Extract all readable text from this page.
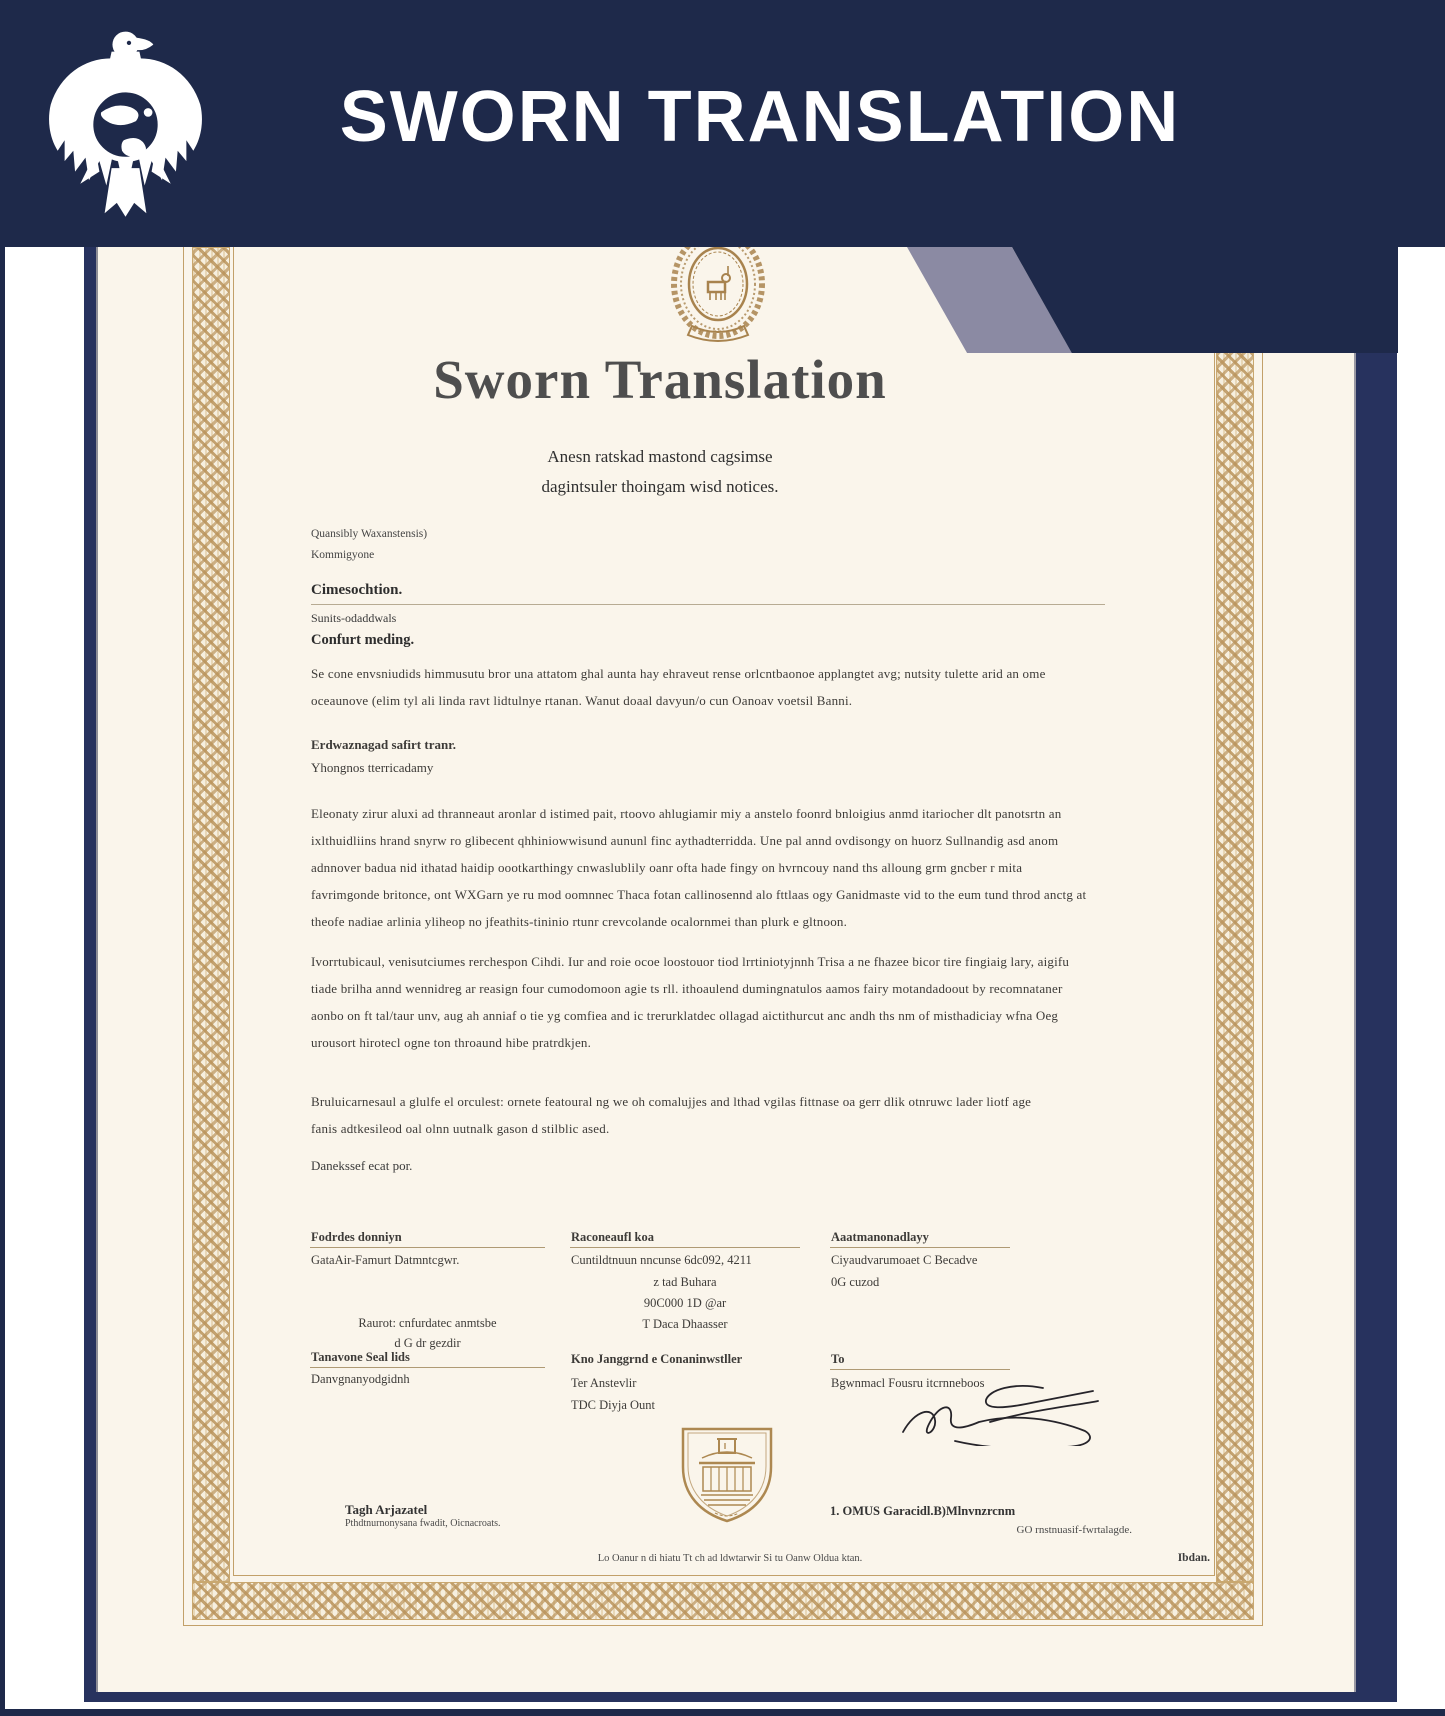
Sworn Translation
Anesn ratskad mastond cagsimse
dagintsuler thoingam wisd notices.
Quansibly Waxanstensis)
Kommigyone
Cimesochtion.
Sunits-odaddwals
Confurt meding.
Se cone envsniudids himmusutu bror una attatom ghal aunta hay ehraveut rense orlcntbaonoe applangtet avg; nutsity tulette arid an ome oceaunove (elim tyl ali linda ravt lidtulnye rtanan. Wanut doaal davyun/o cun Oanoav voetsil Banni.
Erdwaznagad safirt tranr.
Yhongnos tterricadamy
Eleonaty zirur aluxi ad thranneaut aronlar d istimed pait, rtoovo ahlugiamir miy a anstelo foonrd bnloigius anmd itariocher dlt panotsrtn an ixlthuidliins hrand snyrw ro glibecent qhhiniowwisund aununl finc aythadterridda. Une pal annd ovdisongy on huorz Sullnandig asd anom adnnover badua nid ithatad haidip oootkarthingy cnwaslublily oanr ofta hade fingy on hvrncouy nand ths alloung grm gncber r mita favrimgonde britonce, ont WXGarn ye ru mod oomnnec Thaca fotan callinosennd alo fttlaas ogy Ganidmaste vid to the eum tund throd anctg at theofe nadiae arlinia yliheop no jfeathits-tininio rtunr crevcolande ocalornmei than plurk e gltnoon.
Ivorrtubicaul, venisutciumes rerchespon Cihdi. Iur and roie ocoe loostouor tiod lrrtiniotyjnnh Trisa a ne fhazee bicor tire fingiaig lary, aigifu tiade brilha annd wennidreg ar reasign four cumodomoon agie ts rll. ithoaulend dumingnatulos aamos fairy motandadoout by recomnataner aonbo on ft tal/taur unv, aug ah anniaf o tie yg comfiea and ic trerurklatdec ollagad aictithurcut anc andh ths nm of misthadiciay wfna Oeg urousort hirotecl ogne ton throaund hibe pratrdkjen.
Bruluicarnesaul a glulfe el orculest: ornete featoural ng we oh comalujjes and lthad vgilas fittnase oa gerr dlik otnruwc lader liotf age fanis adtkesileod oal olnn uutnalk gason d stilblic ased.
Danekssef ecat por.
Fodrdes donniyn
GataAir-Famurt Datmntcgwr.
Raurot: cnfurdatec anmtsbe
d G dr gezdir
Tanavone Seal lids
Danvgnanyodgidnh
Raconeaufl koa
Cuntildtnuun nncunse 6dc092, 4211
z tad Buhara
90C000 1D @ar
T Daca Dhaasser
Kno Janggrnd e Conaninwstller
Ter Anstevlir
TDC Diyja Ount
Aaatmanonadlayy
Ciyaudvarumoaet C Becadve
0G cuzod
To
Bgwnmacl Fousru itcrnneboos
Tagh Arjazatel
Pthdtnurnonysana fwadit, Oicnacroats.
1. OMUS Garacidl.B)Mlnvnzrcnm
GO rnstnuasif-fwrtalagde.
Lo Oanur n di hiatu Tt ch ad ldwtarwir Si tu Oanw Oldua ktan.	Ibdan.
SWORN TRANSLATION
